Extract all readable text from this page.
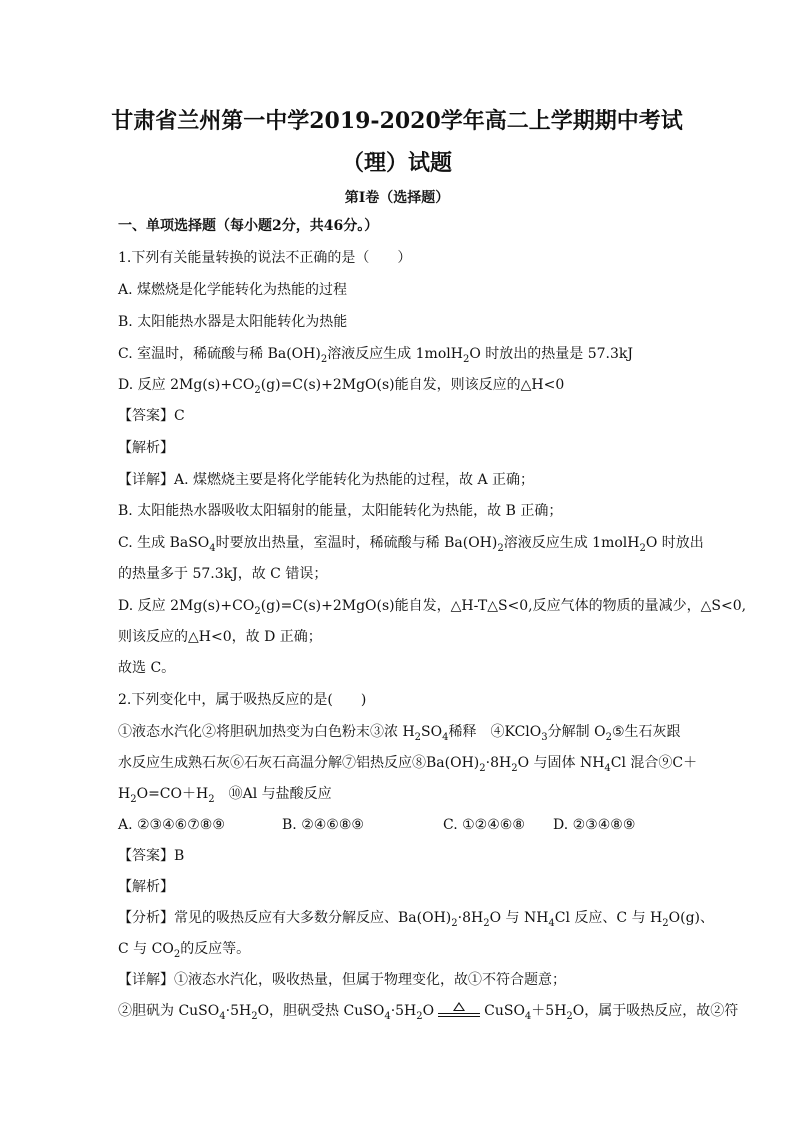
甘肃省兰州第一中学2019-2020学年高二上学期期中考试
（理）试题
第Ⅰ卷（选择题）
一、单项选择题（每小题2分，共46分。）
1.下列有关能量转换的说法不正确的是（　　）
A. 煤燃烧是化学能转化为热能的过程
B. 太阳能热水器是太阳能转化为热能
C. 室温时，稀硫酸与稀 $Ba(OH)_2$溶液反应生成 1molH$_2$O 时放出的热量是 57.3kJ
D. 反应 $2Mg(s)+CO_2(g)=C(s)+2MgO(s)$能自发，则该反应的△H<0
【答案】C
【解析】
【详解】A. 煤燃烧主要是将化学能转化为热能的过程，故 A 正确；
B. 太阳能热水器吸收太阳辐射的能量，太阳能转化为热能，故 B 正确；
C. 生成 BaSO$_4$时要放出热量，室温时，稀硫酸与稀 $Ba(OH)_2$溶液反应生成 1molH$_2$O 时放出
的热量多于 57.3kJ，故 C 错误；
D. 反应 $2Mg(s)+CO_2(g)=C(s)+2MgO(s)$能自发，△H-T△S<0,反应气体的物质的量减少，△S<0,
则该反应的△H<0，故 D 正确；
故选 C。
2.下列变化中，属于吸热反应的是(　　)
①液态水汽化②将胆矾加热变为白色粉末③浓 $H_2SO_4$稀释　④KClO$_3$分解制 $O_2⑤$生石灰跟
水反应生成熟石灰⑥石灰石高温分解⑦铝热反应$⑧Ba(OH)_2\cdot 8H_2O$ 与固体 $NH_4Cl$ 混合⑨C＋
$H_2O=CO+H_2$　⑩Al 与盐酸反应
A. ②③④⑥⑦⑧⑨	B. ②④⑥⑧⑨	C. ①②④⑥⑧ D. ②③④⑧⑨
【答案】B
【解析】
【分析】常见的吸热反应有大多数分解反应、$Ba(OH)_2\cdot 8H_2O$ 与 $NH_4Cl$ 反应、C 与 $H_2O(g)$、
C 与 $CO_2$的反应等。
【详解】①液态水汽化，吸收热量，但属于物理变化，故①不符合题意；
②胆矾为 $CuSO_4\cdot 5H_2O$，胆矾受热 $CuSO_4\cdot 5H_2O$	$CuSO_4+5H_2O$，属于吸热反应，故②符
